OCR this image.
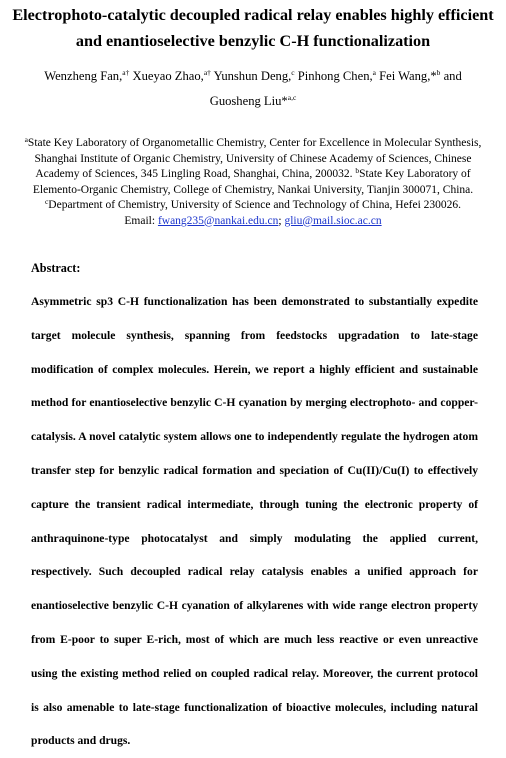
Electrophoto-catalytic decoupled radical relay enables highly efficient
and enantioselective benzylic C-H functionalization
Wenzheng Fan,$^{a\dagger}$ Xueyao Zhao,$^{a\dagger}$ Yunshun Deng,$^c$ Pinhong Chen,$^a$ Fei Wang,*$^b$ and Guosheng Liu*$^{a,c}$
$^a$State Key Laboratory of Organometallic Chemistry, Center for Excellence in Molecular Synthesis, Shanghai Institute of Organic Chemistry, University of Chinese Academy of Sciences, Chinese Academy of Sciences, 345 Lingling Road, Shanghai, China, 200032. $^b$State Key Laboratory of Elemento-Organic Chemistry, College of Chemistry, Nankai University, Tianjin 300071, China.
$^c$Department of Chemistry, University of Science and Technology of China, Hefei 230026.
Email: fwang235@nankai.edu.cn; gliu@mail.sioc.ac.cn
Abstract:
Asymmetric sp3 C-H functionalization has been demonstrated to substantially expedite target molecule synthesis, spanning from feedstocks upgradation to late-stage modification of complex molecules. Herein, we report a highly efficient and sustainable method for enantioselective benzylic C-H cyanation by merging electrophoto- and copper-catalysis. A novel catalytic system allows one to independently regulate the hydrogen atom transfer step for benzylic radical formation and speciation of Cu(II)/Cu(I) to effectively capture the transient radical intermediate, through tuning the electronic property of anthraquinone-type photocatalyst and simply modulating the applied current, respectively. Such decoupled radical relay catalysis enables a unified approach for enantioselective benzylic C-H cyanation of alkylarenes with wide range electron property from E-poor to super E-rich, most of which are much less reactive or even unreactive using the existing method relied on coupled radical relay. Moreover, the current protocol is also amenable to late-stage functionalization of bioactive molecules, including natural products and drugs.
